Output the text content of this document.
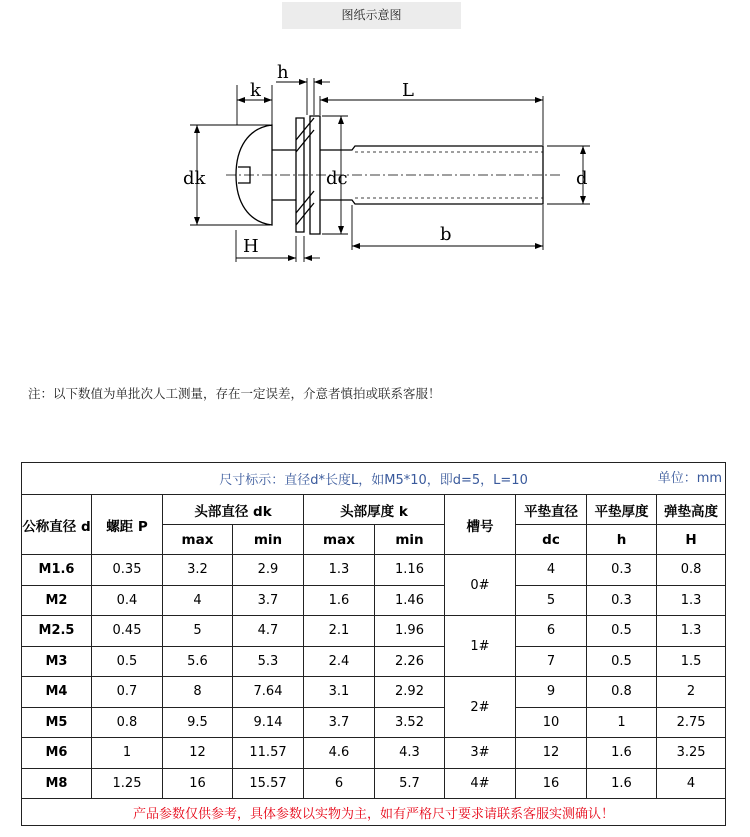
图纸示意图
k
h
L
dk	dc	d
H
b
注：以下数值为单批次人工测量，存在一定误差，介意者慎拍或联系客服！
尺寸标示：直径d*长度L，如M5*10，即d=5，L=10 单位：mm									

公称直径 d	螺距 P	头部直径 dk		头部厚度 k		槽号	平垫直径	平垫厚度	弹垫高度
		max	min	max	min		dc	h	H
M1.6	0.35	3.2	2.9	1.3	1.16	0#	4	0.3	0.8
M2	0.4	4	3.7	1.6	1.46		5	0.3	1.3
M2.5	0.45	5	4.7	2.1	1.96	1#	6	0.5	1.3
M3	0.5	5.6	5.3	2.4	2.26		7	0.5	1.5
M4	0.7	8	7.64	3.1	2.92	2#	9	0.8	2
M5	0.8	9.5	9.14	3.7	3.52		10	1	2.75
M6	1	12	11.57	4.6	4.3	3#	12	1.6	3.25
M8	1.25	16	15.57	6	5.7	4#	16	1.6	4
产品参数仅供参考，具体参数以实物为主，如有严格尺寸要求请联系客服实测确认！									
